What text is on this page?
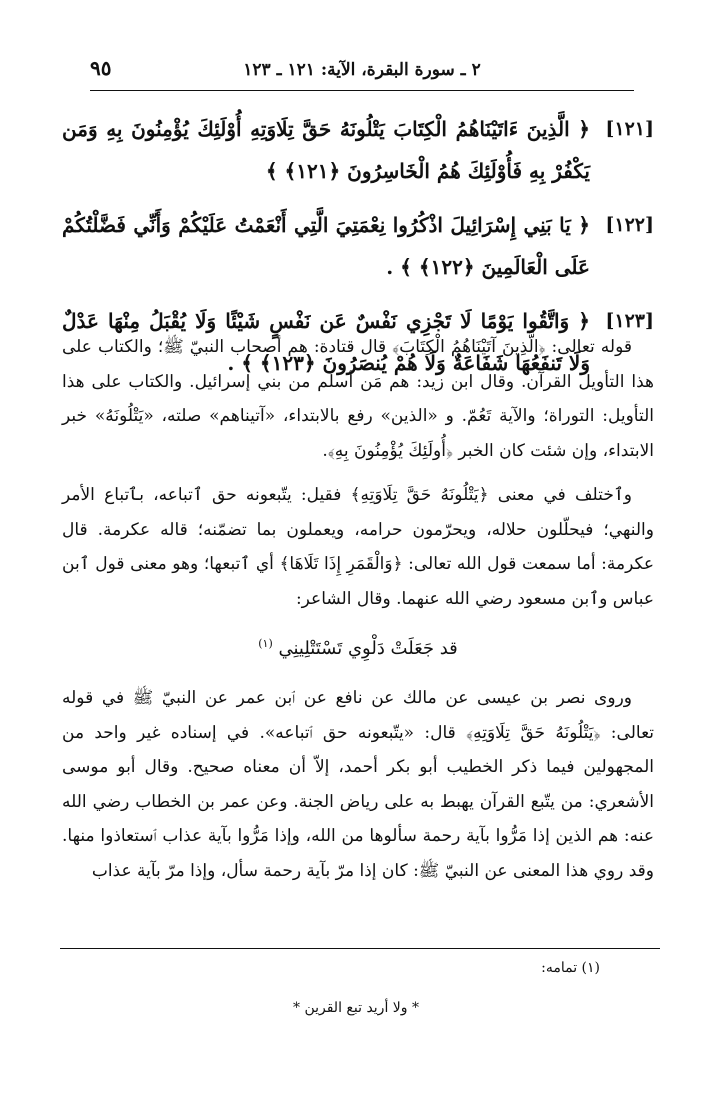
٢ ـ سورة البقرة، الآية: ١٢١ ـ ١٢٣
٩٥
[١٢١]
﴿ الَّذِينَ ءَاتَيْنَاهُمُ الْكِتَابَ يَتْلُونَهُ حَقَّ تِلَاوَتِهِ أُوْلَئِكَ يُؤْمِنُونَ بِهِ وَمَن يَكْفُرْ بِهِ فَأُوْلَئِكَ هُمُ الْخَاسِرُونَ ﴿١٢١﴾ ﴾
[١٢٢]
﴿ يَا بَنِي إِسْرَائِيلَ اذْكُرُوا نِعْمَتِيَ الَّتِي أَنْعَمْتُ عَلَيْكُمْ وَأَنِّي فَضَّلْتُكُمْ عَلَى الْعَالَمِينَ ﴿١٢٢﴾ ﴾ .
[١٢٣]
﴿ وَاتَّقُوا يَوْمًا لَا تَجْزِي نَفْسٌ عَن نَفْسٍ شَيْئًا وَلَا يُقْبَلُ مِنْهَا عَدْلٌ وَلَا تَنفَعُهَا شَفَاعَةٌ وَلَا هُمْ يُنصَرُونَ ﴿١٢٣﴾ ﴾ .

قوله تعالى: ﴿الَّذِينَ آتَيْنَاهُمُ الْكِتَابَ﴾ قال قتادة: هم أصحاب النبيّ ﷺ؛ والكتاب على هذا التأويل القرآن. وقال ابن زيد: هم مَن أسلم من بني إسرائيل. والكتاب على هذا التأويل: التوراة؛ والآية تَعُمّ. و «الذين» رفع بالابتداء، «آتيناهم» صلته، «يَتْلُونَهُ» خبر الابتداء، وإن شئت كان الخبر ﴿أُولَئِكَ يُؤْمِنُونَ بِهِ﴾.

وٱختلف في معنى ﴿يَتْلُونَهُ حَقَّ تِلَاوَتِهِ﴾ فقيل: يتّبعونه حق ٱتباعه، بٱتباع الأمر والنهي؛ فيحلّلون حلاله، ويحرّمون حرامه، ويعملون بما تضمّنه؛ قاله عكرمة. قال عكرمة: أما سمعت قول الله تعالى: ﴿وَالْقَمَرِ إِذَا تَلَاهَا﴾ أي ٱتبعها؛ وهو معنى قول ٱبن عباس وٱبن مسعود رضي الله عنهما. وقال الشاعر:

قد جَعَلَتْ دَلْوِي تَسْتَتْلِينِي $^{(١)}$

وروى نصر بن عيسى عن مالك عن نافع عن ٱبن عمر عن النبيّ ﷺ في قوله تعالى: ﴿يَتْلُونَهُ حَقَّ تِلَاوَتِهِ﴾ قال: «يتّبعونه حق ٱتباعه». في إسناده غير واحد من المجهولين فيما ذكر الخطيب أبو بكر أحمد، إلاّ أن معناه صحيح. وقال أبو موسى الأشعري: من يتّبع القرآن يهبط به على رياض الجنة. وعن عمر بن الخطاب رضي الله عنه: هم الذين إذا مَرُّوا بآية رحمة سألوها من الله، وإذا مَرُّوا بآية عذاب ٱستعاذوا منها. وقد روي هذا المعنى عن النبيّ ﷺ: كان إذا مرّ بآية رحمة سأل، وإذا مرّ بآية عذاب

(١) تمامه:
* ولا أريد تبع القرين *
